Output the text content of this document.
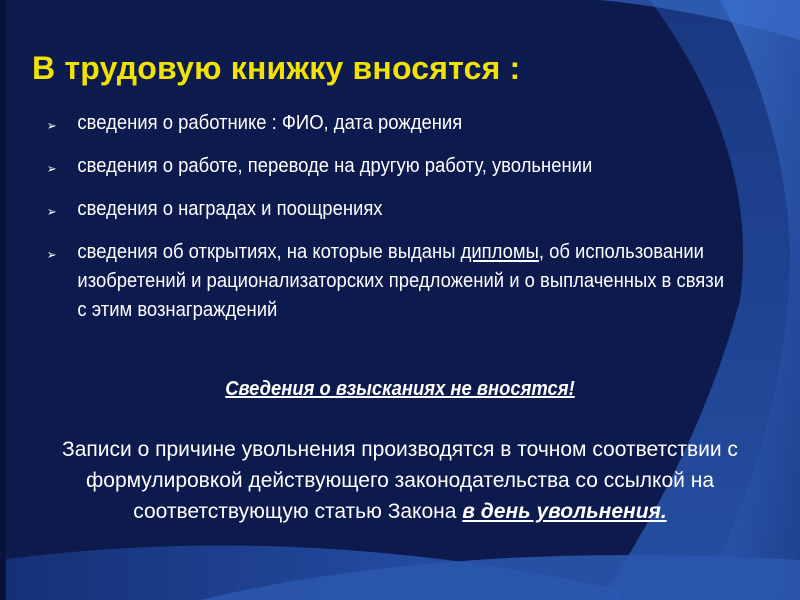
В трудовую книжку вносятся :
➢ сведения о работнике : ФИО, дата рождения
➢ сведения о работе, переводе на другую работу, увольнении
➢ сведения о наградах и поощрениях
➢ сведения об открытиях, на которые выданы дипломы, об использовании изобретений и рационализаторских предложений и о выплаченных в связи с этим вознаграждений

Сведения о взысканиях не вносятся!

Записи о причине увольнения производятся в точном соответствии с формулировкой действующего законодательства со ссылкой на соответствующую статью Закона в день увольнения.
